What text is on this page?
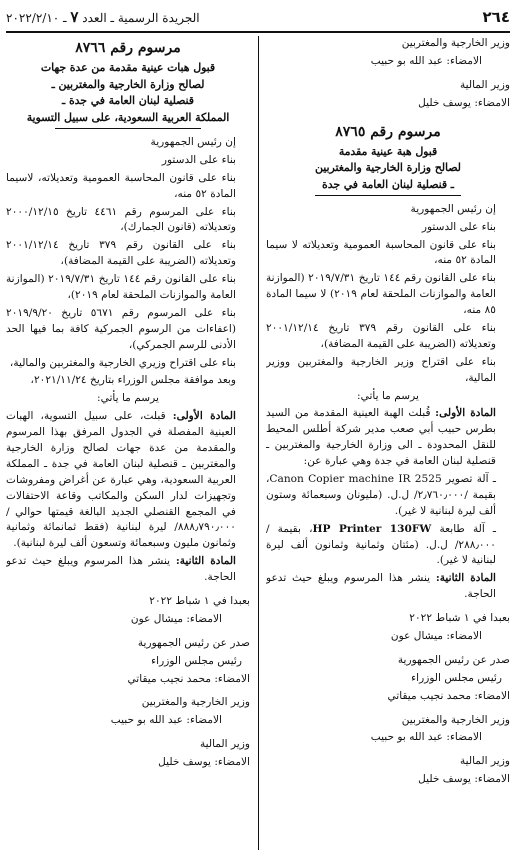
٢٦٤
الجريدة الرسمية ـ العدد ٧ ـ ٢٠٢٢/٢/١٠

وزير الخارجية والمغتربين

الامضاء: عبد الله بو حبيب

وزير المالية

الامضاء: يوسف خليل

مرسوم رقم ٨٧٦٥
قبول هبة عينية مقدمة
لصالح وزارة الخارجية والمغتربين
ـ قنصلية لبنان العامة في جدة

إن رئيس الجمهورية

بناء على الدستور

بناء على قانون المحاسبة العمومية وتعديلاته لا سيما المادة ٥٢ منه،

بناء على القانون رقم ١٤٤ تاريخ ٢٠١٩/٧/٣١ (الموازنة العامة والموازنات الملحقة لعام ٢٠١٩) لا سيما المادة ٨٥ منه،

بناء على القانون رقم ٣٧٩ تاريخ ٢٠٠١/١٢/١٤ وتعديلاته (الضريبة على القيمة المضافة)،

بناء على اقتراح وزير الخارجية والمغتربين ووزير المالية،

يرسم ما يأتي:

المادة الأولى: قُبلت الهبة العينية المقدمة من السيد بطرس حبيب أبي صعب مدير شركة أطلس المحيط للنقل المحدودة ـ الى وزارة الخارجية والمغتربين ـ قنصلية لبنان العامة في جدة وهي عبارة عن:

ـ آلة تصوير Canon Copier machine IR 2525، بقيمة /٢٫٧٦٠٫٠٠٠/ ل.ل. (مليونان وسبعمائة وستون ألف ليرة لبنانية لا غير).

ـ آلة طابعة HP Printer 130FW، بقيمة /٢٨٨٫٠٠٠/ ل.ل. (مئتان وثمانية وثمانون ألف ليرة لبنانية لا غير).

المادة الثانية: ينشر هذا المرسوم ويبلغ حيث تدعو الحاجة.

بعبدا في ١ شباط ٢٠٢٢

الامضاء: ميشال عون

صدر عن رئيس الجمهورية

رئيس مجلس الوزراء

الامضاء: محمد نجيب ميقاتي

وزير الخارجية والمغتربين

الامضاء: عبد الله بو حبيب

وزير المالية

الامضاء: يوسف خليل

مرسوم رقم ٨٧٦٦
قبول هبات عينية مقدمة من عدة جهات
لصالح وزارة الخارجية والمغتربين ـ
قنصلية لبنان العامة في جدة ـ
المملكة العربية السعودية، على سبيل التسوية

إن رئيس الجمهورية

بناء على الدستور

بناء على قانون المحاسبة العمومية وتعديلاته، لاسيما المادة ٥٢ منه،

بناء على المرسوم رقم ٤٤٦١ تاريخ ٢٠٠٠/١٢/١٥ وتعديلاته (قانون الجمارك)،

بناء على القانون رقم ٣٧٩ تاريخ ٢٠٠١/١٢/١٤ وتعديلاته (الضريبة على القيمة المضافة)،

بناء على القانون رقم ١٤٤ تاريخ ٢٠١٩/٧/٣١ (الموازنة العامة والموازنات الملحقة لعام ٢٠١٩)،

بناء على المرسوم رقم ٥٦٧١ تاريخ ٢٠١٩/٩/٢٠ (اعفاءات من الرسوم الجمركية كافة بما فيها الحد الأدنى للرسم الجمركي)،

بناء على اقتراح وزيري الخارجية والمغتربين والمالية،

وبعد موافقة مجلس الوزراء بتاريخ ٢٠٢١/١١/٢٤،

يرسم ما يأتي:

المادة الأولى: قبلت، على سبيل التسوية، الهبات العينية المفصلة في الجدول المرفق بهذا المرسوم والمقدمة من عدة جهات لصالح وزارة الخارجية والمغتربين ـ قنصلية لبنان العامة في جدة ـ المملكة العربية السعودية، وهي عبارة عن أغراض ومفروشات وتجهيزات لدار السكن والمكاتب وقاعة الاحتفالات في المجمع القنصلي الجديد البالغة قيمتها حوالي /٨٨٨٫٧٩٠٫٠٠٠/ ليرة لبنانية (فقط ثمانمائة وثمانية وثمانون مليون وسبعمائة وتسعون ألف ليرة لبنانية).

المادة الثانية: ينشر هذا المرسوم ويبلغ حيث تدعو الحاجة.

بعبدا في ١ شباط ٢٠٢٢

الامضاء: ميشال عون

صدر عن رئيس الجمهورية

رئيس مجلس الوزراء

الامضاء: محمد نجيب ميقاتي

وزير الخارجية والمغتربين

الامضاء: عبد الله بو حبيب

وزير المالية

الامضاء: يوسف خليل
